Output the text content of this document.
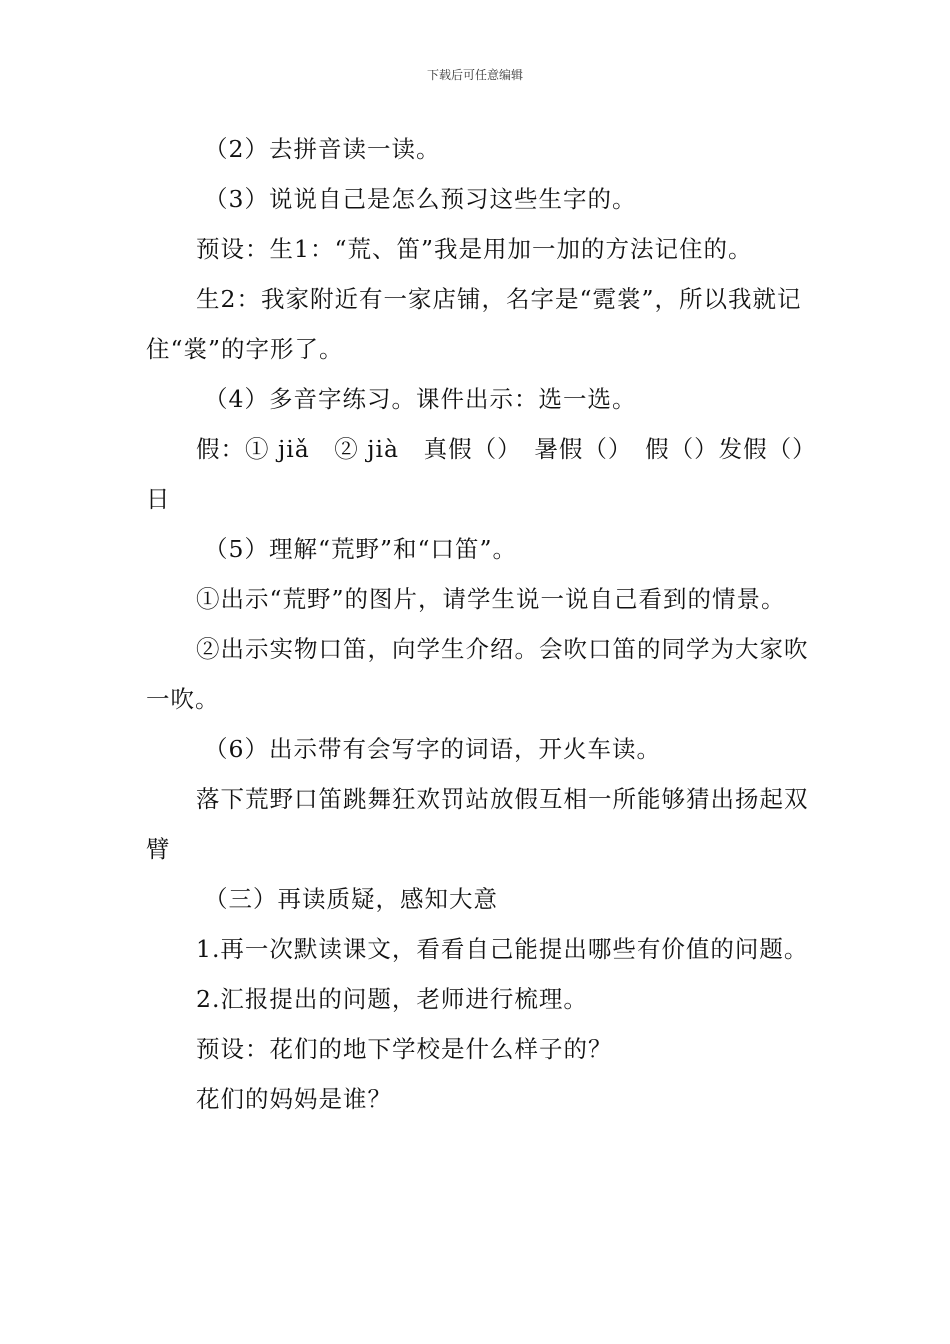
下载后可任意编辑

（2）去拼音读一读。

（3）说说自己是怎么预习这些生字的。

预设：生1：“荒、笛”我是用加一加的方法记住的。

生2：我家附近有一家店铺，名字是“霓裳”，所以我就记住“裳”的字形了。

（4）多音字练习。课件出示：选一选。

假：① jiǎ　② jià　真假（）　暑假（）　假（）发假（）日

（5）理解“荒野”和“口笛”。

①出示“荒野”的图片，请学生说一说自己看到的情景。

②出示实物口笛，向学生介绍。会吹口笛的同学为大家吹一吹。

（6）出示带有会写字的词语，开火车读。

落下荒野口笛跳舞狂欢罚站放假互相一所能够猜出扬起双臂

（三）再读质疑，感知大意

1.再一次默读课文，看看自己能提出哪些有价值的问题。

2.汇报提出的问题，老师进行梳理。

预设：花们的地下学校是什么样子的？

花们的妈妈是谁？
